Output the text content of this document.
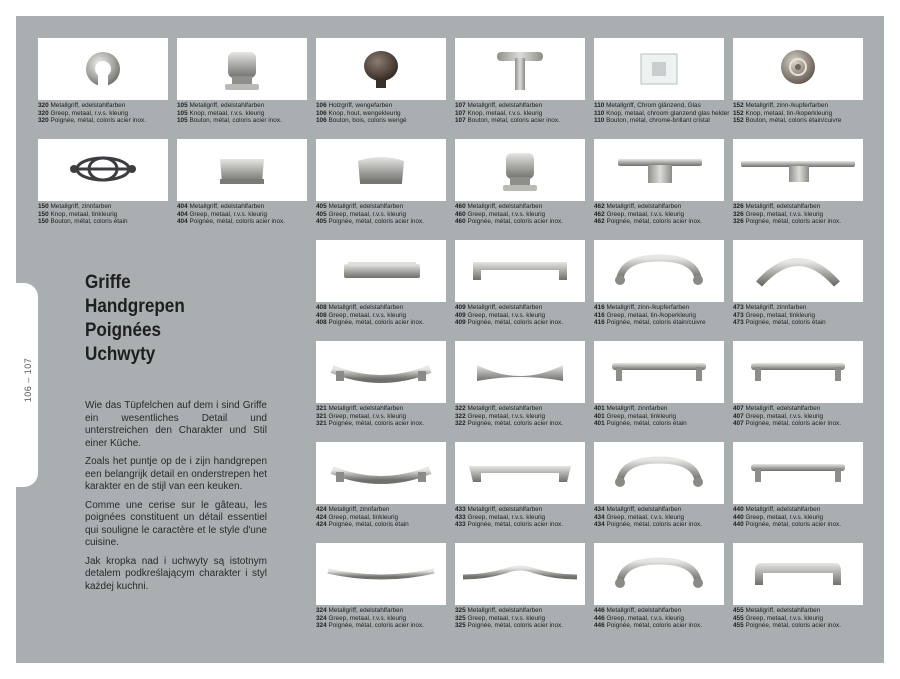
106 – 107
Griffe
Handgrepen
Poignées
Uchwyty

Wie das Tüpfelchen auf dem i sind Griffe ein wesentliches Detail und unterstreichen den Charakter und Stil einer Küche.

Zoals het puntje op de i zijn handgrepen een belangrijk detail en onderstrepen het karakter en de stijl van een keuken.

Comme une cerise sur le gâteau, les poignées constituent un détail essentiel qui souligne le caractère et le style d'une cuisine.

Jak kropka nad i uchwyty są istotnym detalem podkreślającym charakter i styl każdej kuchni.

320 Metallgriff, edelstahlfarben
320 Greep, metaal, r.v.s. kleurig
320 Poignée, métal, coloris acier inox.
105 Metallgriff, edelstahlfarben
105 Knop, metaal, r.v.s. kleurig
105 Bouton, métal, coloris acier inox.
106 Holzgriff, wengefarben
106 Knop, hout, wengekleurig
106 Bouton, bois, coloris wengé
107 Metallgriff, edelstahlfarben
107 Knop, metaal, r.v.s. kleurig
107 Bouton, métal, coloris acier inox.
110 Metallgriff, Chrom glänzend, Glas
110 Knop, metaal, chroom glanzend glas helder
110 Bouton, métal, chromé-brillant cristal
152 Metallgriff, zinn-/kupferfarben
152 Knop, metaal, tin-/koperkleurig
152 Bouton, métal, coloris étain/cuivre
150 Metallgriff, zinnfarben
150 Knop, metaal, tinkleurig
150 Bouton, métal, coloris étain
404 Metallgriff, edelstahlfarben
404 Greep, metaal, r.v.s. kleurig
404 Poignée, métal, coloris acier inox.
405 Metallgriff, edelstahlfarben
405 Greep, metaal, r.v.s. kleurig
405 Poignée, métal, coloris acier inox.
460 Metallgriff, edelstahlfarben
460 Greep, metaal, r.v.s. kleurig
460 Poignée, métal, coloris acier inox.
462 Metallgriff, edelstahlfarben
462 Greep, metaal, r.v.s. kleurig
462 Poignée, métal, coloris acier inox.
326 Metallgriff, edelstahlfarben
326 Greep, metaal, r.v.s. kleurig
326 Poignée, métal, coloris acier inox.
408 Metallgriff, edelstahlfarben
408 Greep, metaal, r.v.s. kleurig
408 Poignée, métal, coloris acier inox.
409 Metallgriff, edelstahlfarben
409 Greep, metaal, r.v.s. kleurig
409 Poignée, métal, coloris acier inox.
416 Metallgriff, zinn-/kupferfarben
416 Greep, metaal, tin-/koperkleurig
416 Poignée, métal, coloris étain/cuivre
473 Metallgriff, zinnfarben
473 Greep, metaal, tinkleurig
473 Poignée, métal, coloris étain
321 Metallgriff, edelstahlfarben
321 Greep, metaal, r.v.s. kleurig
321 Poignée, métal, coloris acier inox.
322 Metallgriff, edelstahlfarben
322 Greep, metaal, r.v.s. kleurig
322 Poignée, métal, coloris acier inox.
401 Metallgriff, zinnfarben
401 Greep, metaal, tinkleurig
401 Poignée, métal, coloris étain
407 Metallgriff, edelstahlfarben
407 Greep, metaal, r.v.s. kleurig
407 Poignée, métal, coloris acier inox.
424 Metallgriff, zinnfarben
424 Greep, metaal, tinkleurig
424 Poignée, métal, coloris étain
433 Metallgriff, edelstahlfarben
433 Greep, metaal, r.v.s. kleurig
433 Poignée, métal, coloris acier inox.
434 Metallgriff, edelstahlfarben
434 Greep, metaal, r.v.s. kleurig
434 Poignée, métal, coloris acier inox.
440 Metallgriff, edelstahlfarben
440 Greep, metaal, r.v.s. kleurig
440 Poignée, métal, coloris acier inox.
324 Metallgriff, edelstahlfarben
324 Greep, metaal, r.v.s. kleurig
324 Poignée, métal, coloris acier inox.
325 Metallgriff, edelstahlfarben
325 Greep, metaal, r.v.s. kleurig
325 Poignée, métal, coloris acier inox.
446 Metallgriff, edelstahlfarben
446 Greep, metaal, r.v.s. kleurig
446 Poignée, métal, coloris acier inox.
455 Metallgriff, edelstahlfarben
455 Greep, metaal, r.v.s. kleurig
455 Poignée, métal, coloris acier inox.
